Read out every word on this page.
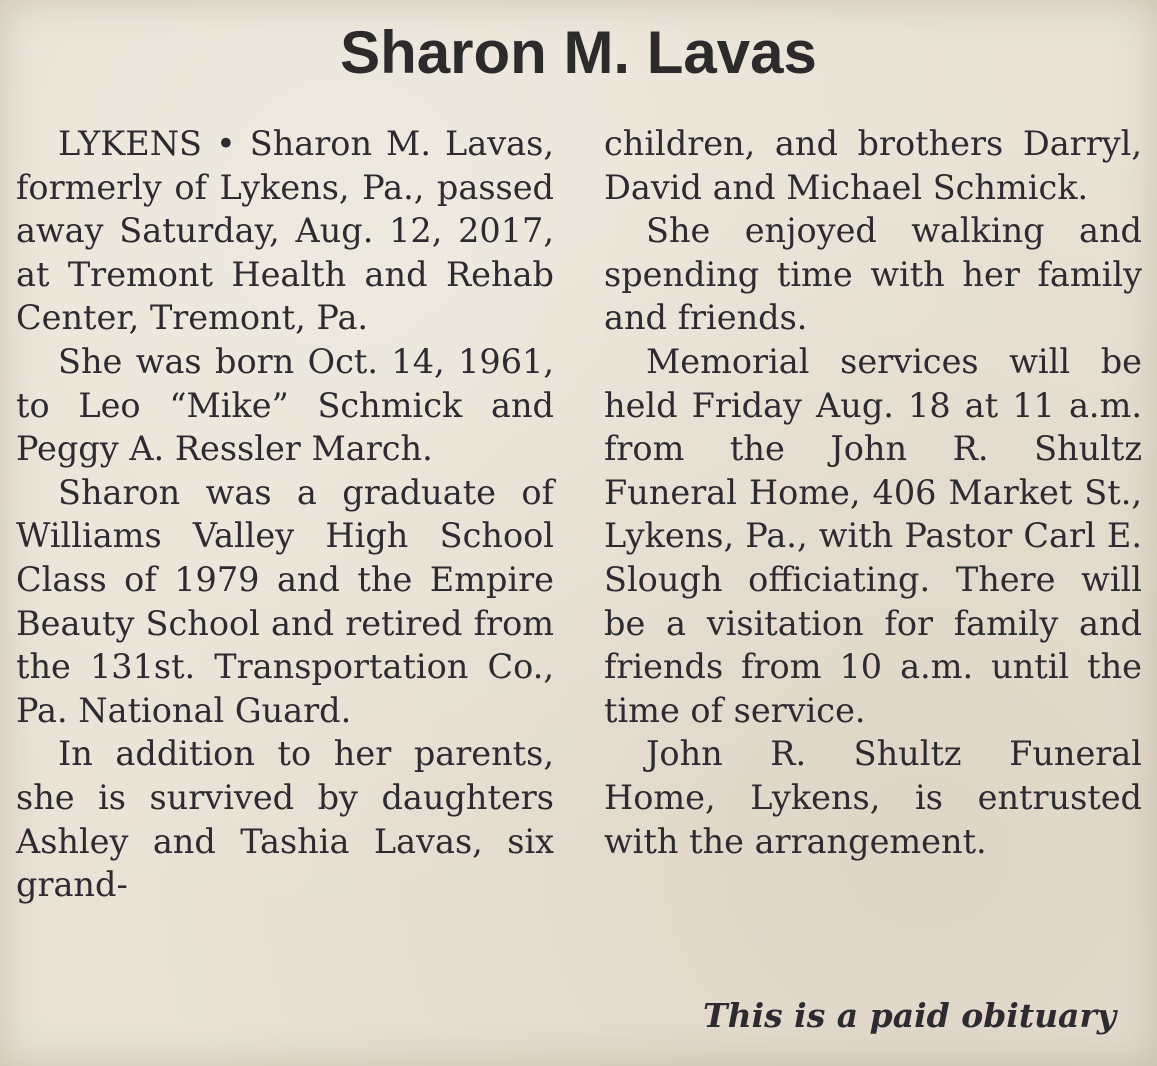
Sharon M. Lavas

LYKENS • Sharon M. Lavas, formerly of Lykens, Pa., passed away Saturday, Aug. 12, 2017, at Tremont Health and Rehab Center, Tremont, Pa.

She was born Oct. 14, 1961, to Leo “Mike” Schmick and Peggy A. Ressler March.

Sharon was a graduate of Williams Valley High School Class of 1979 and the Empire Beauty School and retired from the 131st. Transportation Co., Pa. National Guard.

In addition to her parents, she is survived by daughters Ashley and Tashia Lavas, six grand-

children, and brothers Darryl, David and Michael Schmick.

She enjoyed walking and spending time with her family and friends.

Memorial services will be held Friday Aug. 18 at 11 a.m. from the John R. Shultz Funeral Home, 406 Market St., Lykens, Pa., with Pastor Carl E. Slough officiating. There will be a visitation for family and friends from 10 a.m. until the time of service.

John R. Shultz Funeral Home, Lykens, is entrusted with the arrangement.

This is a paid obituary
